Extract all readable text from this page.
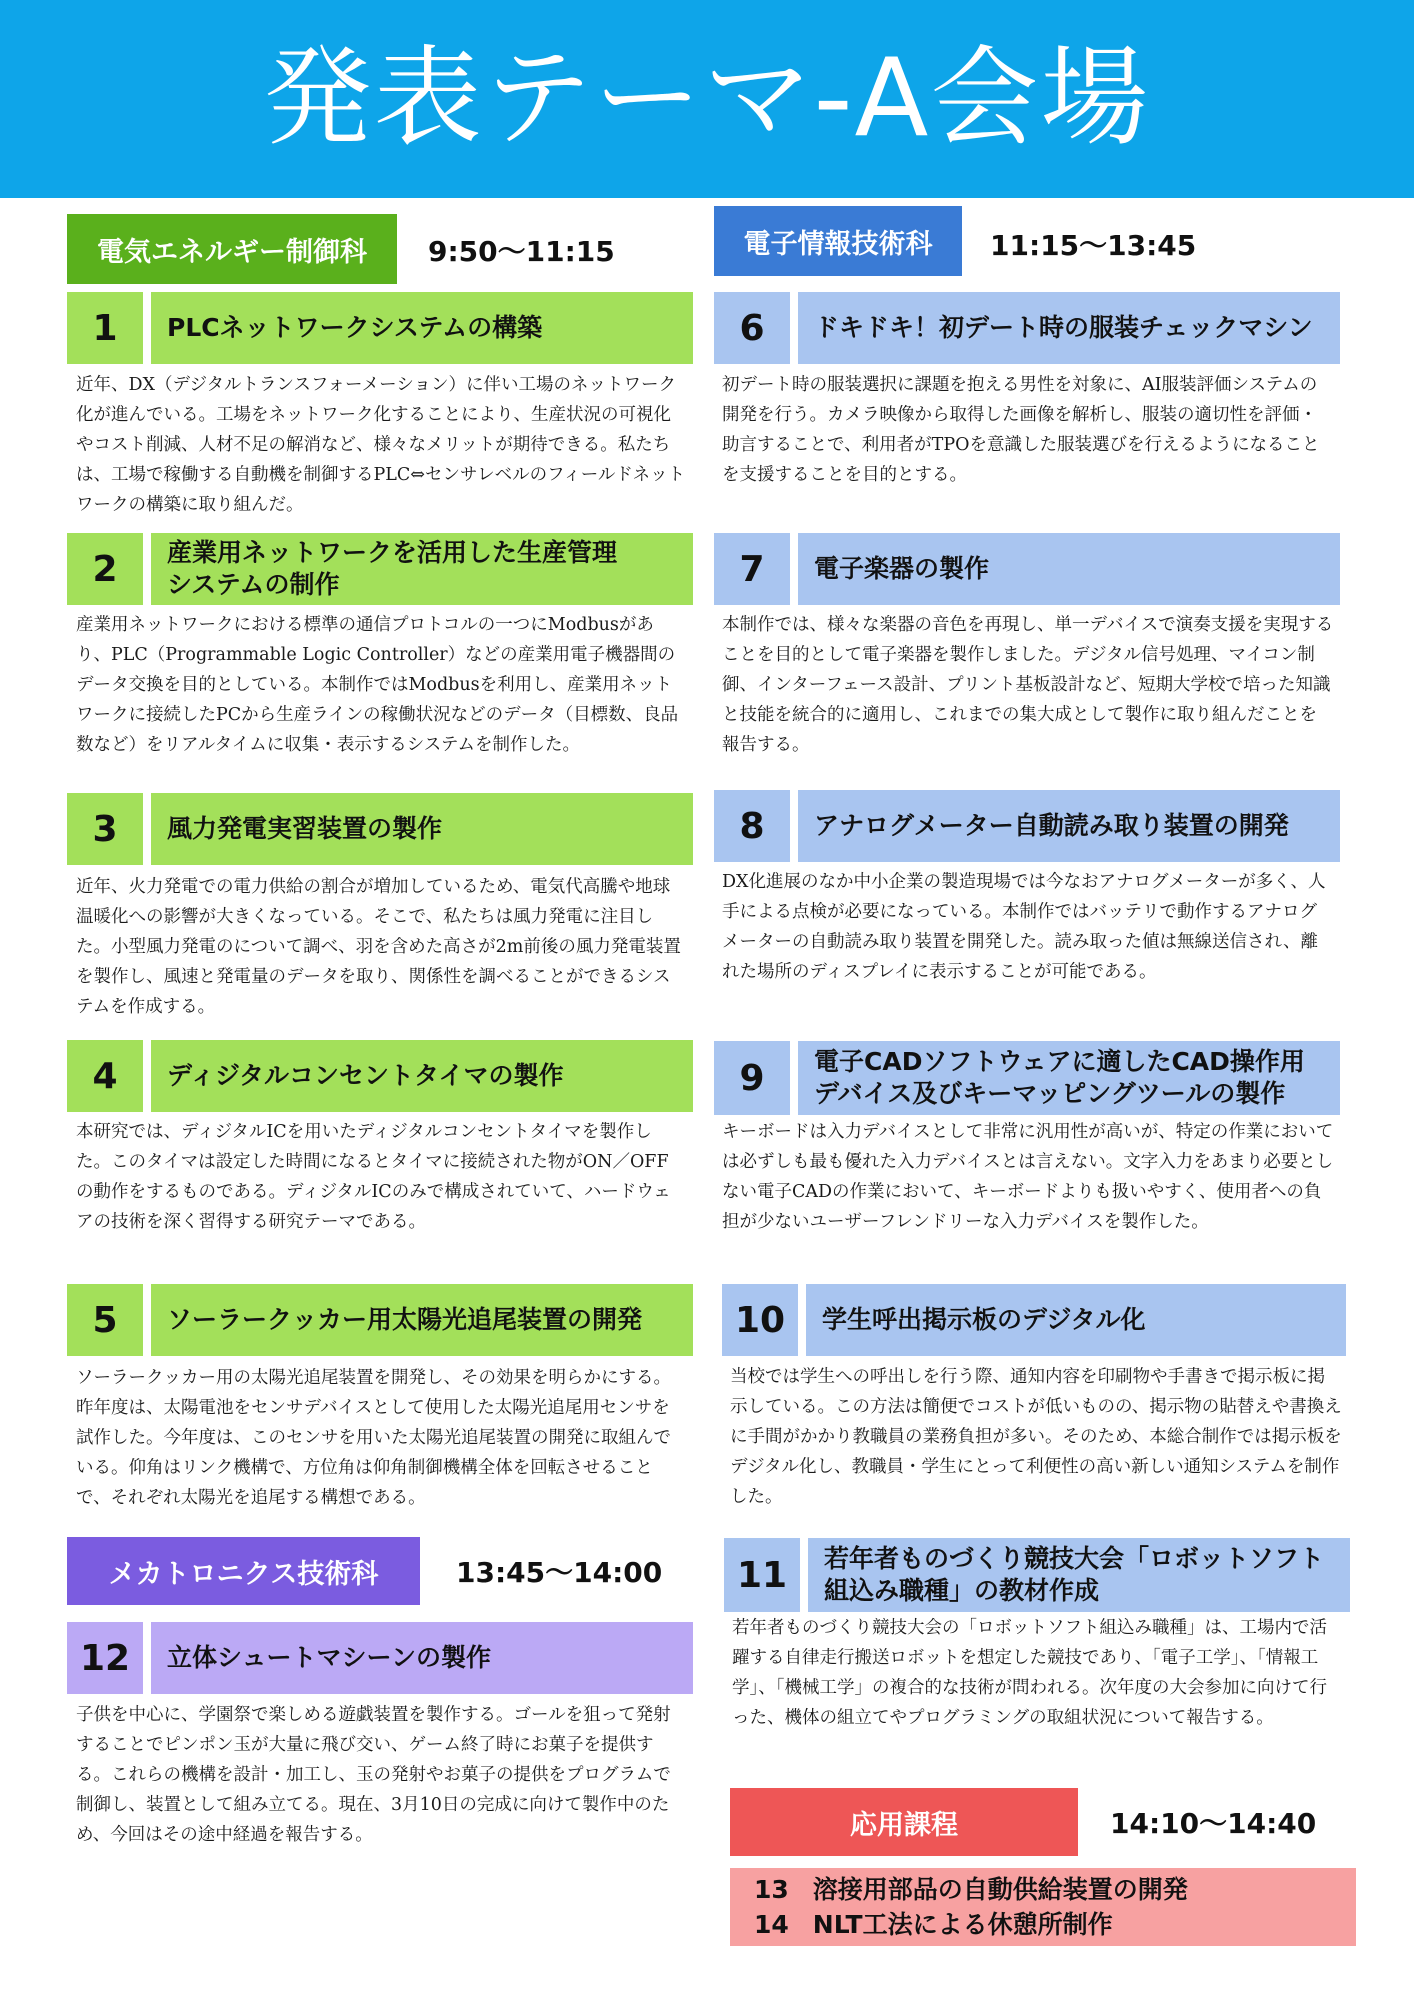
発表テーマ-A会場
電気エネルギー制御科	9:50〜11:15	電子情報技術科	11:15〜13:45
メカトロニクス技術科	13:45〜14:00
応用課程	14:10〜14:40
1	PLCネットワークシステムの構築
近年、DX（デジタルトランスフォーメーション）に伴い工場のネットワーク化が進んでいる。工場をネットワーク化することにより、生産状況の可視化やコスト削減、人材不足の解消など、様々なメリットが期待できる。私たちは、工場で稼働する自動機を制御するPLC⇔センサレベルのフィールドネットワークの構築に取り組んだ。
2	産業用ネットワークを活用した生産管理
システムの制作
産業用ネットワークにおける標準の通信プロトコルの一つにModbusがあり、PLC（Programmable Logic Controller）などの産業用電子機器間のデータ交換を目的としている。本制作ではModbusを利用し、産業用ネットワークに接続したPCから生産ラインの稼働状況などのデータ（目標数、良品数など）をリアルタイムに収集・表示するシステムを制作した。
3	風力発電実習装置の製作
近年、火力発電での電力供給の割合が増加しているため、電気代高騰や地球温暖化への影響が大きくなっている。そこで、私たちは風力発電に注目した。小型風力発電のについて調べ、羽を含めた高さが2m前後の風力発電装置を製作し、風速と発電量のデータを取り、関係性を調べることができるシステムを作成する。
4	ディジタルコンセントタイマの製作
本研究では、ディジタルICを用いたディジタルコンセントタイマを製作した。このタイマは設定した時間になるとタイマに接続された物がON／OFFの動作をするものである。ディジタルICのみで構成されていて、ハードウェアの技術を深く習得する研究テーマである。
5	ソーラークッカー用太陽光追尾装置の開発
ソーラークッカー用の太陽光追尾装置を開発し、その効果を明らかにする。昨年度は、太陽電池をセンサデバイスとして使用した太陽光追尾用センサを試作した。今年度は、このセンサを用いた太陽光追尾装置の開発に取組んでいる。仰角はリンク機構で、方位角は仰角制御機構全体を回転させることで、それぞれ太陽光を追尾する構想である。
12	立体シュートマシーンの製作
子供を中心に、学園祭で楽しめる遊戯装置を製作する。ゴールを狙って発射することでピンポン玉が大量に飛び交い、ゲーム終了時にお菓子を提供する。これらの機構を設計・加工し、玉の発射やお菓子の提供をプログラムで制御し、装置として組み立てる。現在、3月10日の完成に向けて製作中のため、今回はその途中経過を報告する。
6	ドキドキ！初デート時の服装チェックマシン
初デート時の服装選択に課題を抱える男性を対象に、AI服装評価システムの開発を行う。カメラ映像から取得した画像を解析し、服装の適切性を評価・助言することで、利用者がTPOを意識した服装選びを行えるようになることを支援することを目的とする。
7	電子楽器の製作
本制作では、様々な楽器の音色を再現し、単一デバイスで演奏支援を実現することを目的として電子楽器を製作しました。デジタル信号処理、マイコン制御、インターフェース設計、プリント基板設計など、短期大学校で培った知識と技能を統合的に適用し、これまでの集大成として製作に取り組んだことを報告する。
8	アナログメーター自動読み取り装置の開発
DX化進展のなか中小企業の製造現場では今なおアナログメーターが多く、人手による点検が必要になっている。本制作ではバッテリで動作するアナログメーターの自動読み取り装置を開発した。読み取った値は無線送信され、離れた場所のディスプレイに表示することが可能である。
9	電子CADソフトウェアに適したCAD操作用
デバイス及びキーマッピングツールの製作
キーボードは入力デバイスとして非常に汎用性が高いが、特定の作業においては必ずしも最も優れた入力デバイスとは言えない。文字入力をあまり必要としない電子CADの作業において、キーボードよりも扱いやすく、使用者への負担が少ないユーザーフレンドリーな入力デバイスを製作した。
10	学生呼出掲示板のデジタル化
当校では学生への呼出しを行う際、通知内容を印刷物や手書きで掲示板に掲示している。この方法は簡便でコストが低いものの、掲示物の貼替えや書換えに手間がかかり教職員の業務負担が多い。そのため、本総合制作では掲示板をデジタル化し、教職員・学生にとって利便性の高い新しい通知システムを制作した。
11	若年者ものづくり競技大会「ロボットソフト
組込み職種」の教材作成
若年者ものづくり競技大会の「ロボットソフト組込み職種」は、工場内で活躍する自律走行搬送ロボットを想定した競技であり、「電子工学」、「情報工学」、「機械工学」の複合的な技術が問われる。次年度の大会参加に向けて行った、機体の組立てやプログラミングの取組状況について報告する。
13 溶接用部品の自動供給装置の開発
14 NLT工法による休憩所制作
